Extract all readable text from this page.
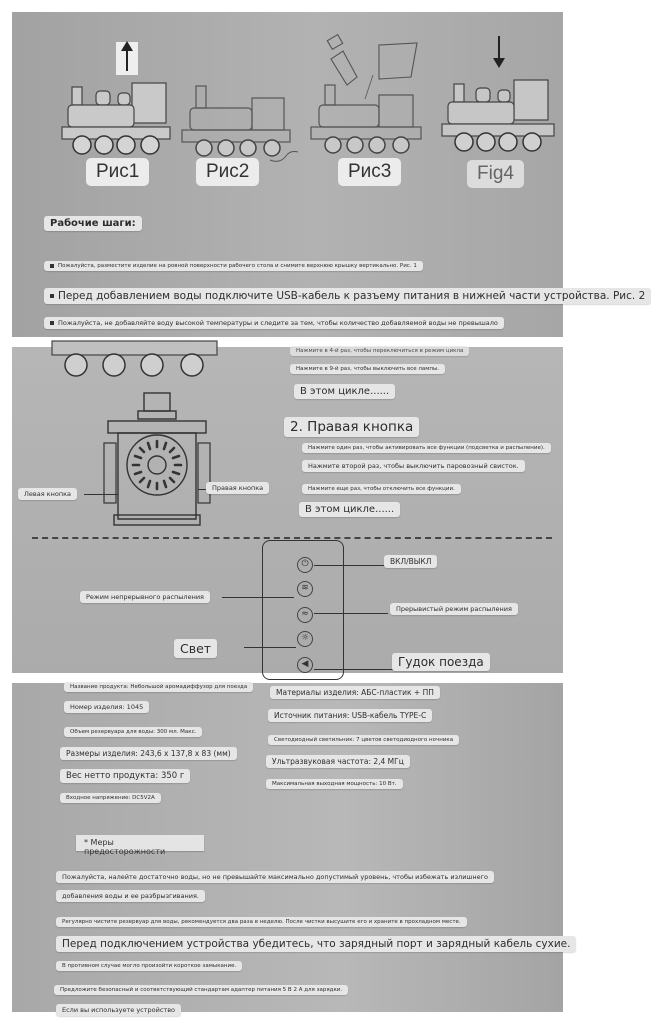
Рис1	Рис2	Рис3	Fig4
Рабочие шаги:
Пожалуйста, разместите изделие на ровной поверхности рабочего стола и снимите верхнюю крышку вертикально. Рис. 1
Перед добавлением воды подключите USB-кабель к разъему питания в нижней части устройства. Рис. 2
Пожалуйста, не добавляйте воду высокой температуры и следите за тем, чтобы количество добавляемой воды не превышало
Нажмите в 4-й раз, чтобы переключиться в режим цикла
Нажмите в 9-й раз, чтобы выключить все лампы.
В этом цикле......
Левая кнопка
Правая кнопка
2. Правая кнопка
Нажмите один раз, чтобы активировать все функции (подсветка и распыление).
Нажмите второй раз, чтобы выключить паровозный свисток.
Нажмите еще раз, чтобы отключить все функции.
В этом цикле......
⏻
≋
≈
☼
◀
ВКЛ/ВЫКЛ
Режим непрерывного распыления
Прерывистый режим распыления
Свет
Гудок поезда
Название продукта: Небольшой аромадиффузор для поезда
Номер изделия: 1045
Объем резервуара для воды: 300 мл. Макс.
Размеры изделия: 243,6 x 137,8 x 83 (мм)
Вес нетто продукта: 350 г
Входное напряжение: DC5V2A
Материалы изделия: АБС-пластик + ПП
Источник питания: USB-кабель TYPE-C
Светодиодный светильник: 7 цветов светодиодного ночника
Ультразвуковая частота: 2,4 МГц
Максимальная выходная мощность: 10 Вт.
* Меры предосторожности
Пожалуйста, налейте достаточно воды, но не превышайте максимально допустимый уровень, чтобы избежать излишнего
добавления воды и ее разбрызгивания.
Регулярно чистите резервуар для воды, рекомендуется два раза в неделю. После чистки высушите его и храните в прохладном месте.
Перед подключением устройства убедитесь, что зарядный порт и зарядный кабель сухие.
В противном случае могло произойти короткое замыкание.
Предложите безопасный и соответствующий стандартам адаптер питания 5 В 2 А для зарядки.
Если вы используете устройство
